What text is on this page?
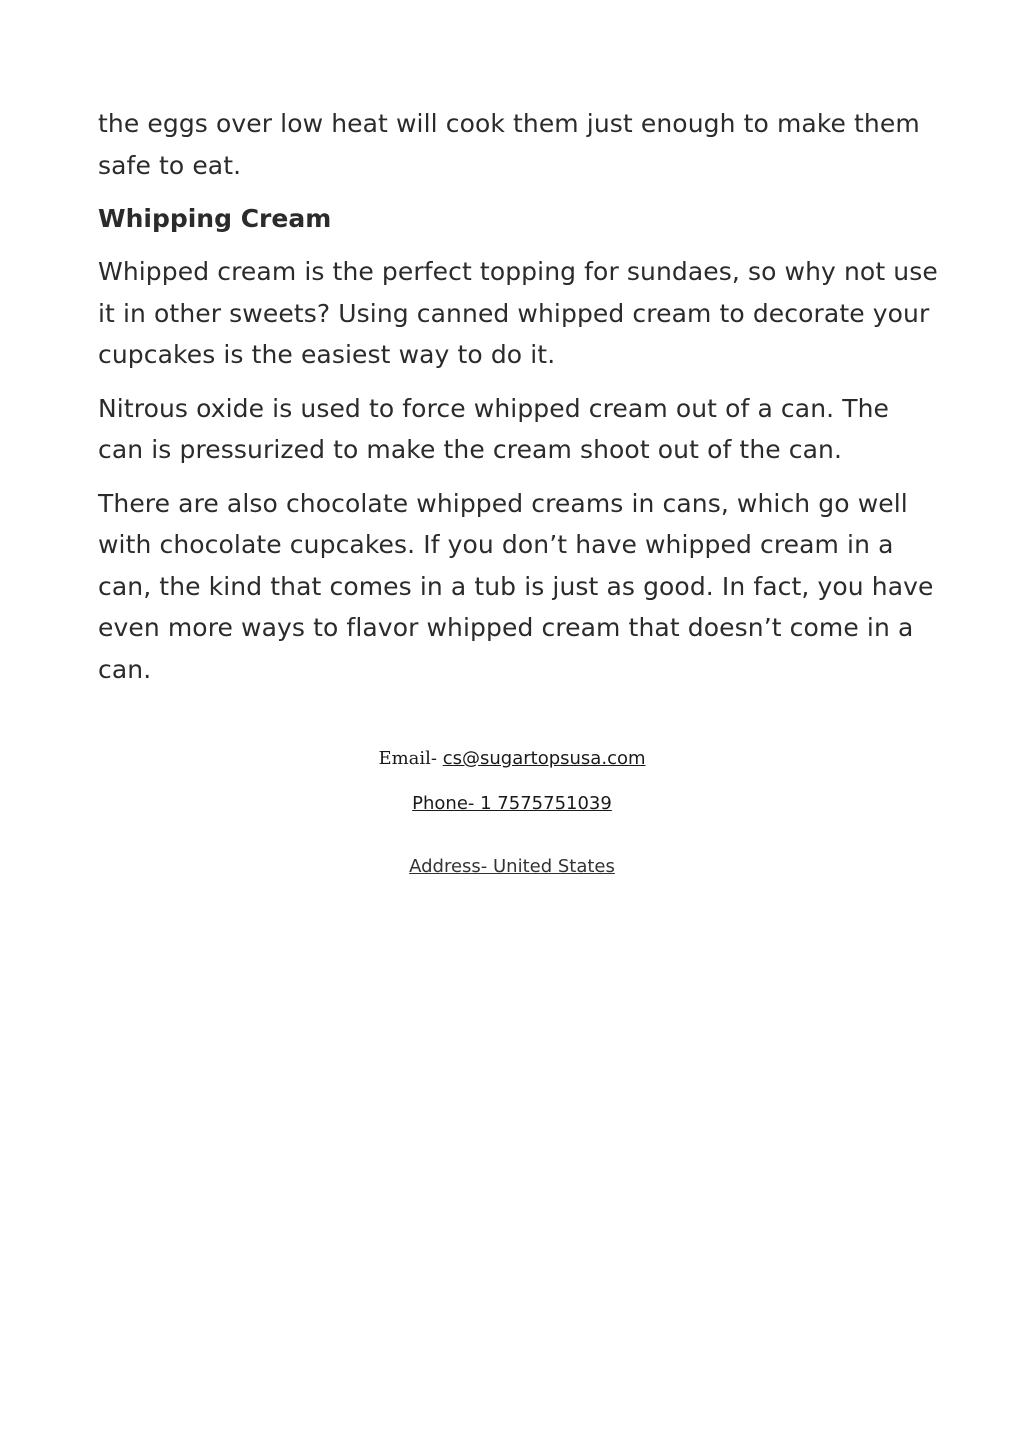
the eggs over low heat will cook them just enough to make them safe to eat.

Whipping Cream

Whipped cream is the perfect topping for sundaes, so why not use it in other sweets? Using canned whipped cream to decorate your cupcakes is the easiest way to do it.

Nitrous oxide is used to force whipped cream out of a can. The can is pressurized to make the cream shoot out of the can.

There are also chocolate whipped creams in cans, which go well with chocolate cupcakes. If you don’t have whipped cream in a can, the kind that comes in a tub is just as good. In fact, you have even more ways to flavor whipped cream that doesn’t come in a can.

Email- cs@sugartopsusa.com
Phone- 1 7575751039
Address- United States
